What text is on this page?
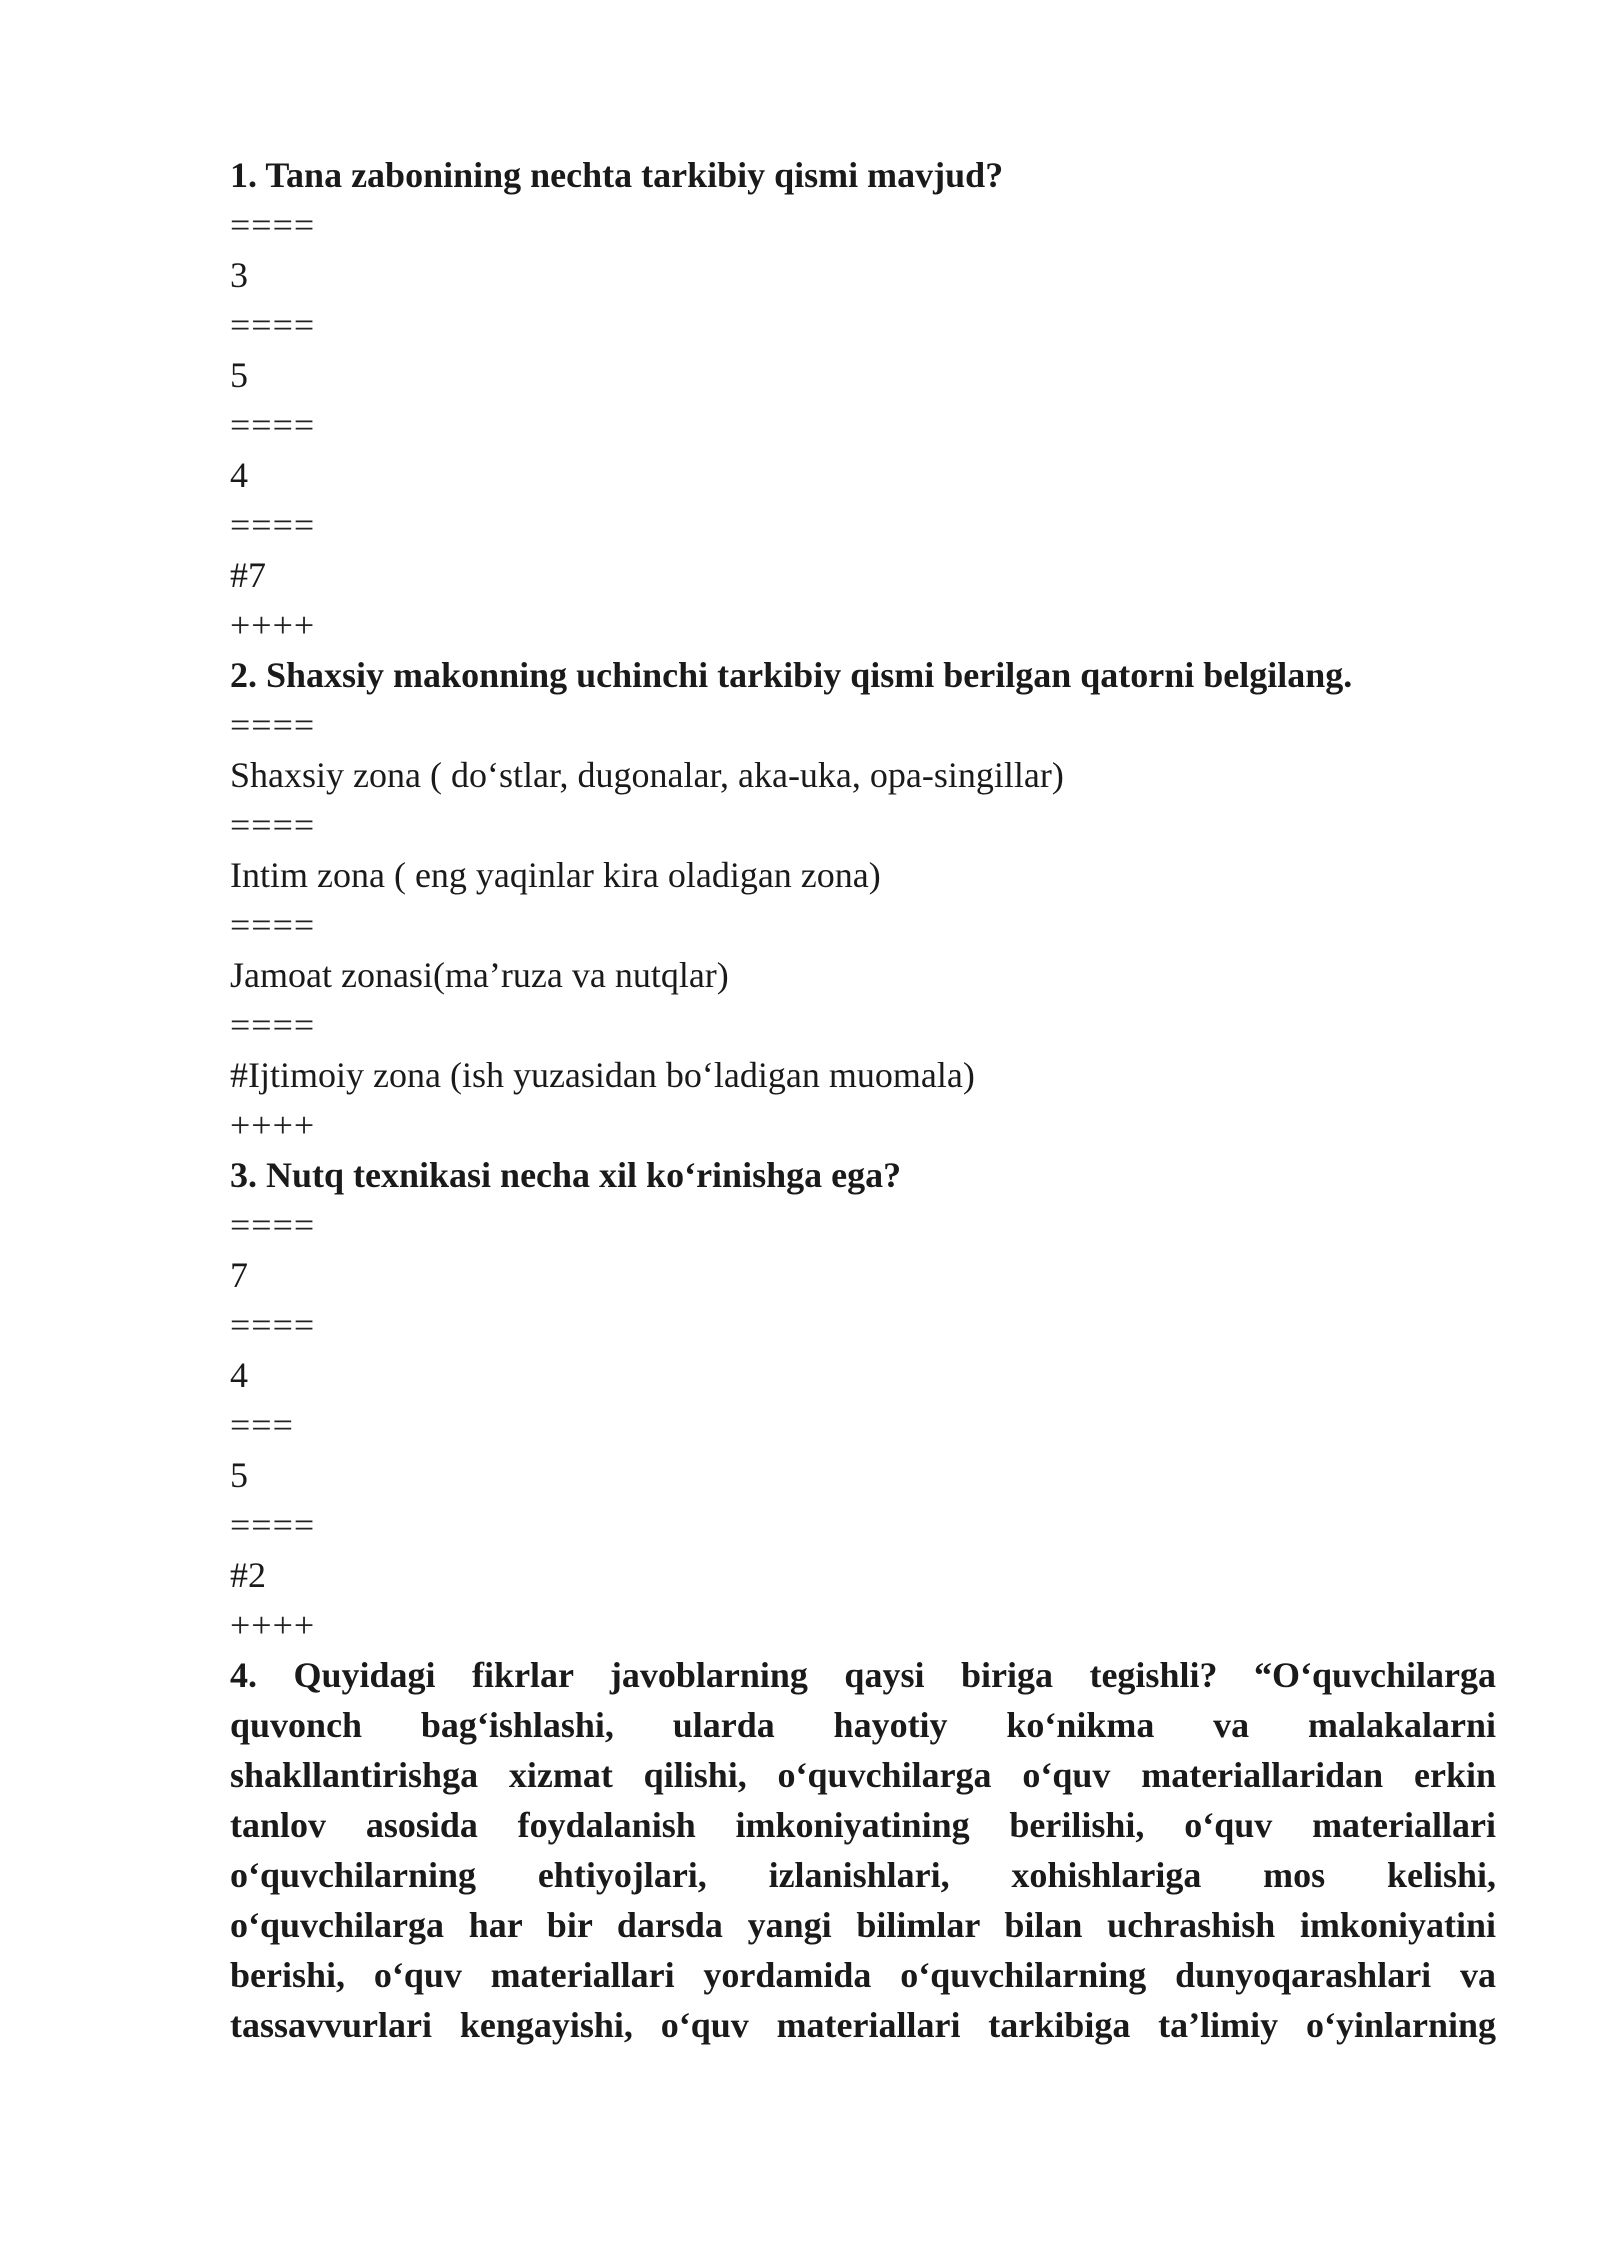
1. Tana zabonining nechta tarkibiy qismi mavjud?
====
3
====
5
====
4
====
#7
++++
2. Shaxsiy makonning uchinchi tarkibiy qismi berilgan qatorni belgilang.
====
Shaxsiy zona ( do‘stlar, dugonalar, aka-uka, opa-singillar)
====
Intim zona ( eng yaqinlar kira oladigan zona)
====
Jamoat zonasi(ma’ruza va nutqlar)
====
#Ijtimoiy zona (ish yuzasidan bo‘ladigan muomala)
++++
3. Nutq texnikasi necha xil ko‘rinishga ega?
====
7
====
4
===
5
====
#2
++++
4. Quyidagi fikrlar javoblarning qaysi biriga tegishli? “O‘quvchilarga
quvonch bag‘ishlashi, ularda hayotiy ko‘nikma va malakalarni
shakllantirishga xizmat qilishi, o‘quvchilarga o‘quv materiallaridan erkin
tanlov asosida foydalanish imkoniyatining berilishi, o‘quv materiallari
o‘quvchilarning ehtiyojlari, izlanishlari, xohishlariga mos kelishi,
o‘quvchilarga har bir darsda yangi bilimlar bilan uchrashish imkoniyatini
berishi, o‘quv materiallari yordamida o‘quvchilarning dunyoqarashlari va
tassavvurlari kengayishi, o‘quv materiallari tarkibiga ta’limiy o‘yinlarning
